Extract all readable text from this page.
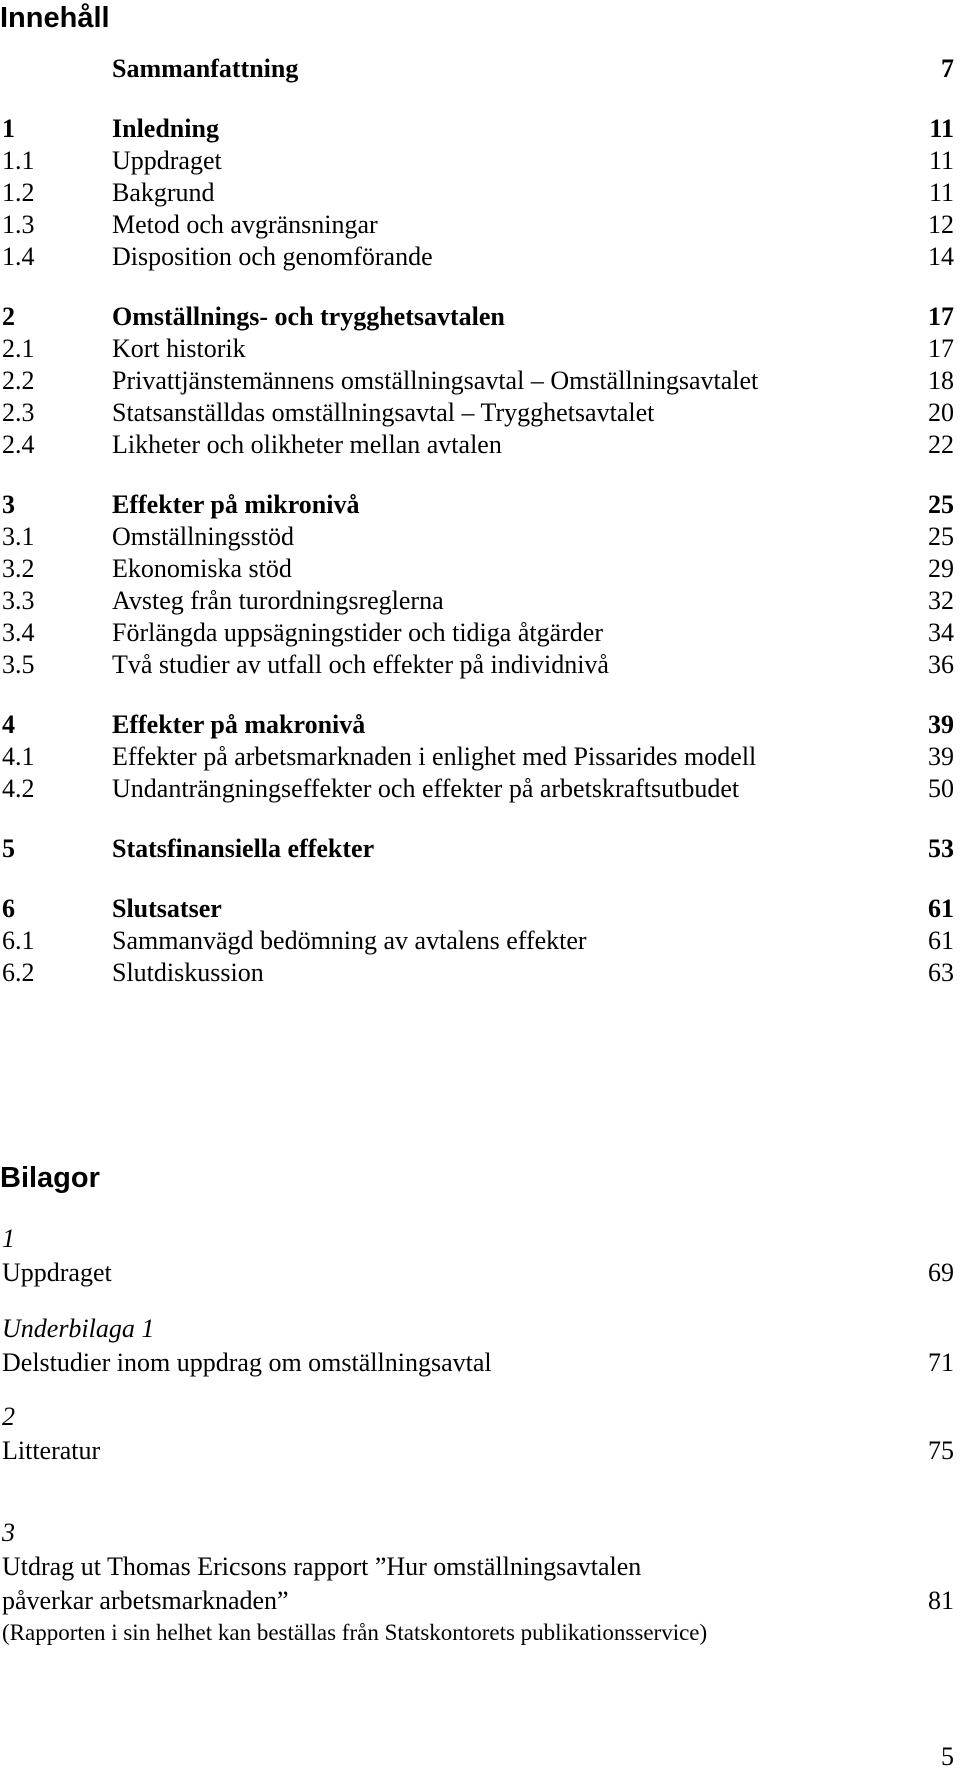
Innehåll
Sammanfattning	7
1	Inledning	11
1.1	Uppdraget	11
1.2	Bakgrund	11
1.3	Metod och avgränsningar	12
1.4	Disposition och genomförande	14
2	Omställnings- och trygghetsavtalen	17
2.1	Kort historik	17
2.2	Privattjänstemännens omställningsavtal – Omställningsavtalet	18
2.3	Statsanställdas omställningsavtal – Trygghetsavtalet	20
2.4	Likheter och olikheter mellan avtalen	22
3	Effekter på mikronivå	25
3.1	Omställningsstöd	25
3.2	Ekonomiska stöd	29
3.3	Avsteg från turordningsreglerna	32
3.4	Förlängda uppsägningstider och tidiga åtgärder	34
3.5	Två studier av utfall och effekter på individnivå	36
4	Effekter på makronivå	39
4.1	Effekter på arbetsmarknaden i enlighet med Pissarides modell	39
4.2	Undanträngningseffekter och effekter på arbetskraftsutbudet	50
5	Statsfinansiella effekter	53
6	Slutsatser	61
6.1	Sammanvägd bedömning av avtalens effekter	61
6.2	Slutdiskussion	63
Bilagor
1
Uppdraget	69
Underbilaga 1
Delstudier inom uppdrag om omställningsavtal	71
2
Litteratur	75
3
Utdrag ut Thomas Ericsons rapport ”Hur omställningsavtalen
påverkar arbetsmarknaden”	81
(Rapporten i sin helhet kan beställas från Statskontorets publikationsservice)
5
